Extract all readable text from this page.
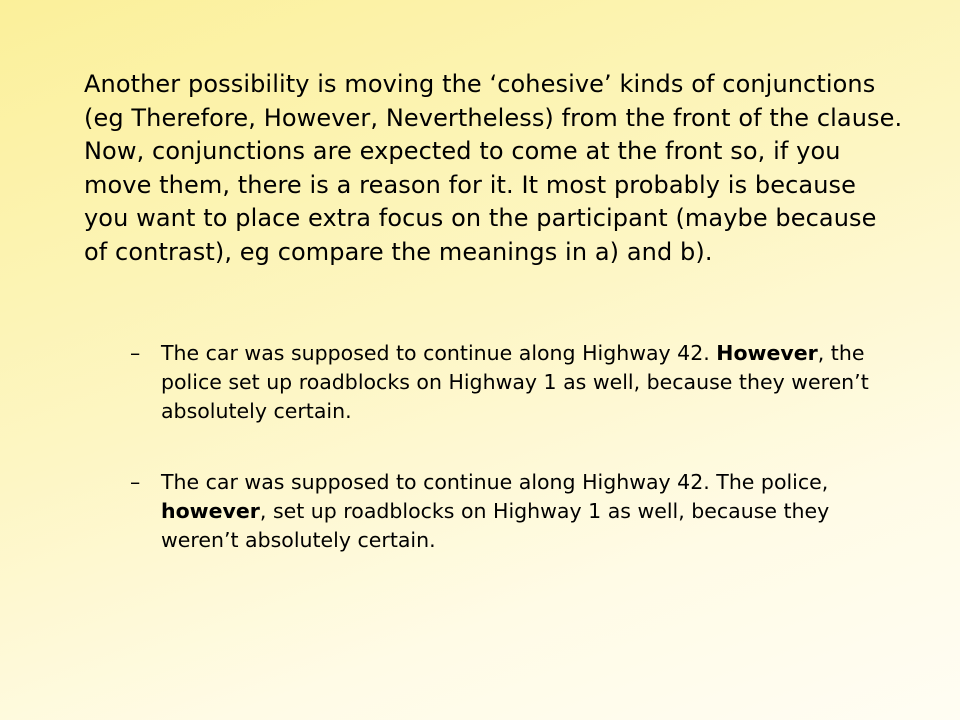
Another possibility is moving the ‘cohesive’ kinds of conjunctions (eg Therefore, However, Nevertheless) from the front of the clause. Now, conjunctions are expected to come at the front so, if you move them, there is a reason for it. It most probably is because you want to place extra focus on the participant (maybe because of contrast), eg compare the meanings in a) and b).

– The car was supposed to continue along Highway 42. However, the police set up roadblocks on Highway 1 as well, because they weren’t absolutely certain.

– The car was supposed to continue along Highway 42. The police, however, set up roadblocks on Highway 1 as well, because they weren’t absolutely certain.
